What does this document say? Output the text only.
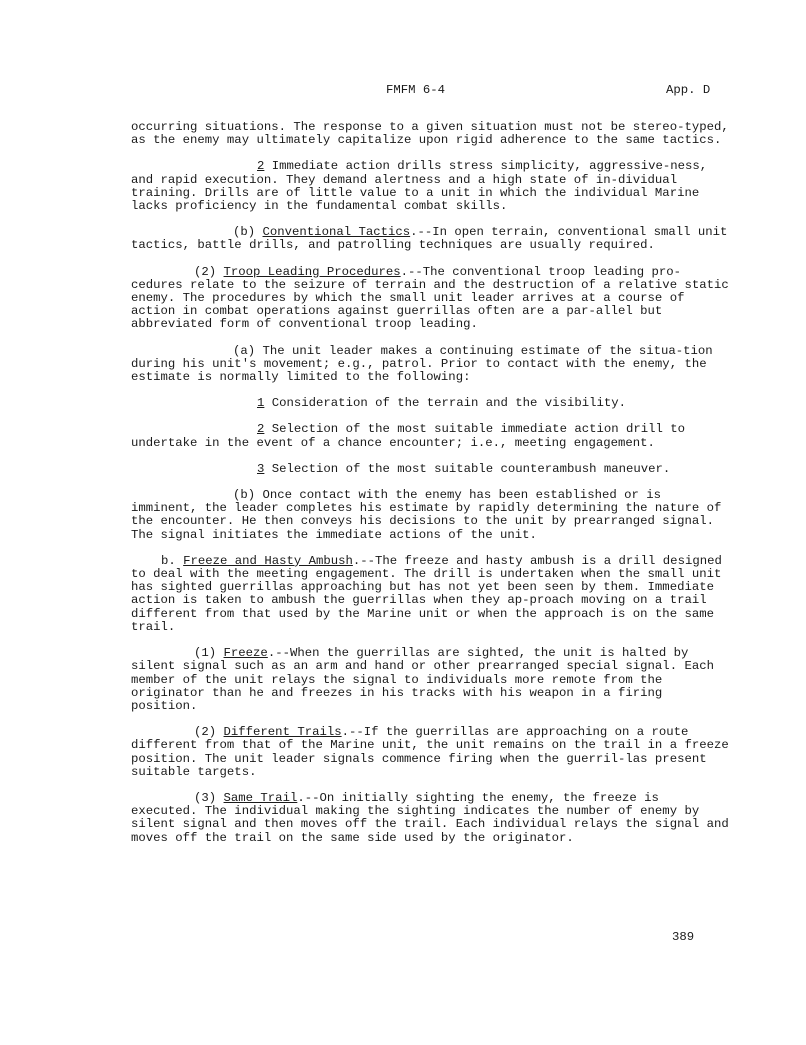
FMFM 6-4	App. D

occurring situations. The response to a given situation must not be stereo-typed, as the enemy may ultimately capitalize upon rigid adherence to the same tactics.

2 Immediate action drills stress simplicity, aggressive-ness, and rapid execution. They demand alertness and a high state of in-dividual training. Drills are of little value to a unit in which the individual Marine lacks proficiency in the fundamental combat skills.

(b) Conventional Tactics.--In open terrain, conventional small unit tactics, battle drills, and patrolling techniques are usually required.

(2) Troop Leading Procedures.--The conventional troop leading pro-cedures relate to the seizure of terrain and the destruction of a relative static enemy. The procedures by which the small unit leader arrives at a course of action in combat operations against guerrillas often are a par-allel but abbreviated form of conventional troop leading.

(a) The unit leader makes a continuing estimate of the situa-tion during his unit's movement; e.g., patrol. Prior to contact with the enemy, the estimate is normally limited to the following:

1 Consideration of the terrain and the visibility.

2 Selection of the most suitable immediate action drill to undertake in the event of a chance encounter; i.e., meeting engagement.

3 Selection of the most suitable counterambush maneuver.

(b) Once contact with the enemy has been established or is imminent, the leader completes his estimate by rapidly determining the nature of the encounter. He then conveys his decisions to the unit by prearranged signal. The signal initiates the immediate actions of the unit.

b. Freeze and Hasty Ambush.--The freeze and hasty ambush is a drill designed to deal with the meeting engagement. The drill is undertaken when the small unit has sighted guerrillas approaching but has not yet been seen by them. Immediate action is taken to ambush the guerrillas when they ap-proach moving on a trail different from that used by the Marine unit or when the approach is on the same trail.

(1) Freeze.--When the guerrillas are sighted, the unit is halted by silent signal such as an arm and hand or other prearranged special signal. Each member of the unit relays the signal to individuals more remote from the originator than he and freezes in his tracks with his weapon in a firing position.

(2) Different Trails.--If the guerrillas are approaching on a route different from that of the Marine unit, the unit remains on the trail in a freeze position. The unit leader signals commence firing when the guerril-las present suitable targets.

(3) Same Trail.--On initially sighting the enemy, the freeze is executed. The individual making the sighting indicates the number of enemy by silent signal and then moves off the trail. Each individual relays the signal and moves off the trail on the same side used by the originator.

389
